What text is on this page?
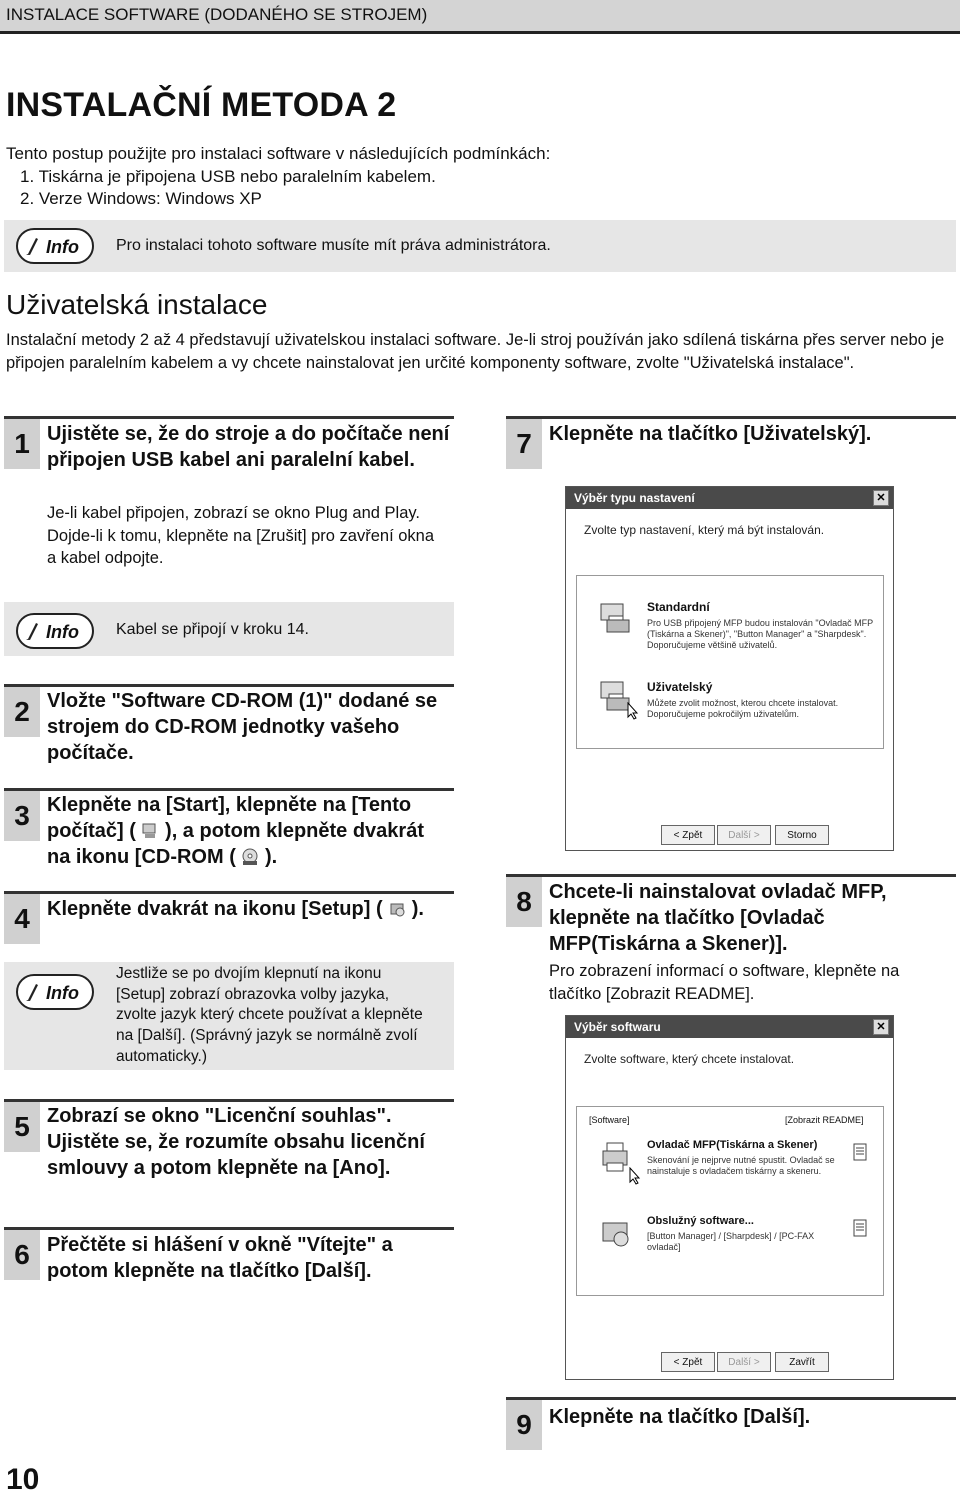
INSTALACE SOFTWARE (DODANÉHO SE STROJEM)
INSTALAČNÍ METODA 2
Tento postup použijte pro instalaci software v následujících podmínkách:
1. Tiskárna je připojena USB nebo paralelním kabelem.
2. Verze Windows: Windows XP
Info Pro instalaci tohoto software musíte mít práva administrátora.
Uživatelská instalace
Instalační metody 2 až 4 představují uživatelskou instalaci software. Je-li stroj používán jako sdílená tiskárna přes server nebo je připojen paralelním kabelem a vy chcete nainstalovat jen určité komponenty software, zvolte "Uživatelská instalace".
1 Ujistěte se, že do stroje a do počítače není připojen USB kabel ani paralelní kabel.
Je-li kabel připojen, zobrazí se okno Plug and Play. Dojde-li k tomu, klepněte na [Zrušit] pro zavření okna a kabel odpojte.
Info Kabel se připojí v kroku 14.
2 Vložte "Software CD-ROM (1)" dodané se strojem do CD-ROM jednotky vašeho počítače.
3 Klepněte na [Start], klepněte na [Tento počítač] ( ), a potom klepněte dvakrát na ikonu [CD-ROM ( ).
4 Klepněte dvakrát na ikonu [Setup] ( ).
Info
Jestliže se po dvojím klepnutí na ikonu [Setup] zobrazí obrazovka volby jazyka, zvolte jazyk který chcete používat a klepněte na [Další]. (Správný jazyk se normálně zvolí automaticky.)
5 Zobrazí se okno "Licenční souhlas". Ujistěte se, že rozumíte obsahu licenční smlouvy a potom klepněte na [Ano].
6 Přečtěte si hlášení v okně "Vítejte" a potom klepněte na tlačítko [Další].
7 Klepněte na tlačítko [Uživatelský].
Výběr typu nastavení	✕
Zvolte typ nastavení, který má být instalován.
Standardní
Pro USB připojený MFP budou instalován "Ovladač MFP (Tiskárna a Skener)", "Button Manager" a "Sharpdesk". Doporučujeme většině uživatelů.
Uživatelský
Můžete zvolit možnost, kterou chcete instalovat. Doporučujeme pokročilým uživatelům.
< Zpět	Další >	Storno
8 Chcete-li nainstalovat ovladač MFP, klepněte na tlačítko [Ovladač MFP(Tiskárna a Skener)].
Pro zobrazení informací o software, klepněte na tlačítko [Zobrazit README].
Výběr softwaru	✕
Zvolte software, který chcete instalovat.
[Software]	[Zobrazit README]
Ovladač MFP(Tiskárna a Skener)
Skenování je nejprve nutné spustit. Ovladač se nainstaluje s ovladačem tiskárny a skeneru.
Obslužný software...
[Button Manager] / [Sharpdesk] / [PC-FAX ovladač]
< Zpět	Další >	Zavřít
9 Klepněte na tlačítko [Další].
10
